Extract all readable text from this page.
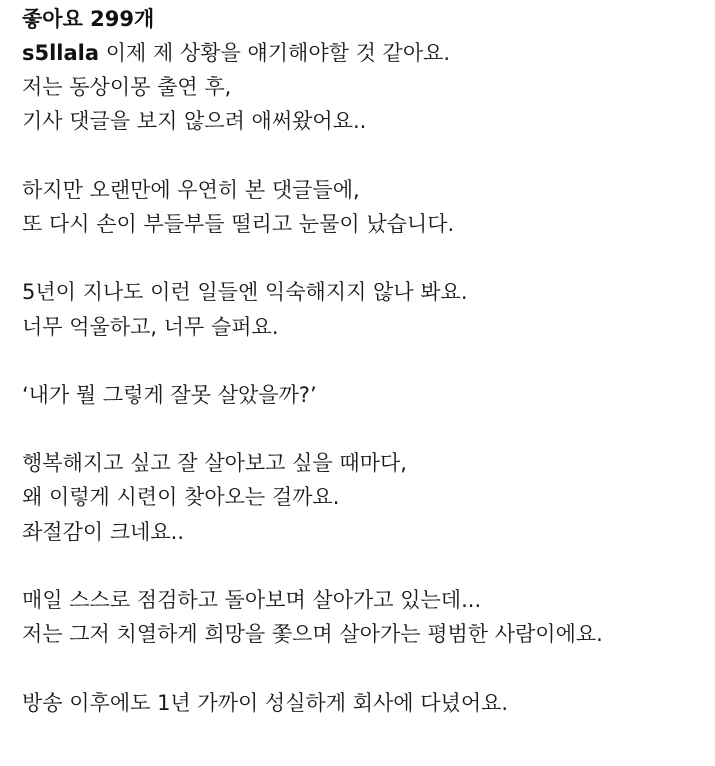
좋아요 299개
s5llala 이제 제 상황을 얘기해야할 것 같아요.
저는 동상이몽 출연 후,
기사 댓글을 보지 않으려 애써왔어요..
하지만 오랜만에 우연히 본 댓글들에,
또 다시 손이 부들부들 떨리고 눈물이 났습니다.
5년이 지나도 이런 일들엔 익숙해지지 않나 봐요.
너무 억울하고, 너무 슬퍼요.
‘내가 뭘 그렇게 잘못 살았을까?’
행복해지고 싶고 잘 살아보고 싶을 때마다,
왜 이렇게 시련이 찾아오는 걸까요.
좌절감이 크네요..
매일 스스로 점검하고 돌아보며 살아가고 있는데...
저는 그저 치열하게 희망을 쫓으며 살아가는 평범한 사람이에요.
방송 이후에도 1년 가까이 성실하게 회사에 다녔어요.
